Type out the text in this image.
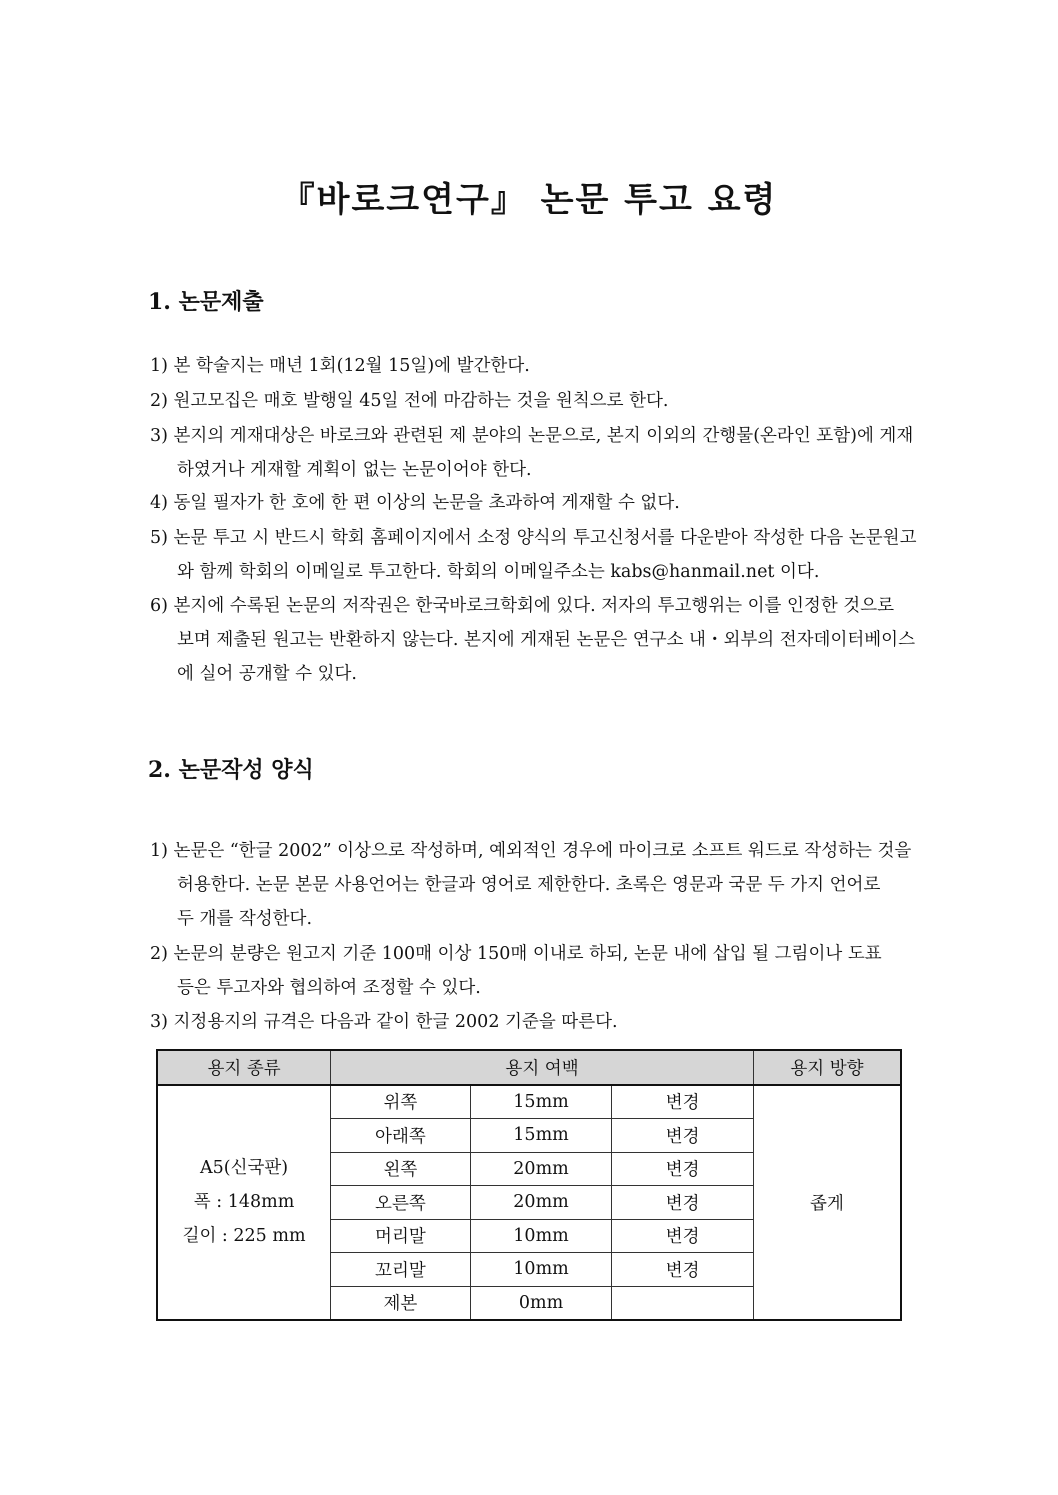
『바로크연구』 논문 투고 요령
1. 논문제출
1) 본 학술지는 매년 1회(12월 15일)에 발간한다.
2) 원고모집은 매호 발행일 45일 전에 마감하는 것을 원칙으로 한다.
3) 본지의 게재대상은 바로크와 관련된 제 분야의 논문으로, 본지 이외의 간행물(온라인 포함)에 게재
하였거나 게재할 계획이 없는 논문이어야 한다.
4) 동일 필자가 한 호에 한 편 이상의 논문을 초과하여 게재할 수 없다.
5) 논문 투고 시 반드시 학회 홈페이지에서 소정 양식의 투고신청서를 다운받아 작성한 다음 논문원고
와 함께 학회의 이메일로 투고한다. 학회의 이메일주소는 kabs@hanmail.net 이다.
6) 본지에 수록된 논문의 저작권은 한국바로크학회에 있다. 저자의 투고행위는 이를 인정한 것으로
보며 제출된 원고는 반환하지 않는다. 본지에 게재된 논문은 연구소 내・외부의 전자데이터베이스
에 실어 공개할 수 있다.
2. 논문작성 양식
1) 논문은 “한글 2002” 이상으로 작성하며, 예외적인 경우에 마이크로 소프트 워드로 작성하는 것을
허용한다. 논문 본문 사용언어는 한글과 영어로 제한한다. 초록은 영문과 국문 두 가지 언어로
두 개를 작성한다.
2) 논문의 분량은 원고지 기준 100매 이상 150매 이내로 하되, 논문 내에 삽입 될 그림이나 도표
등은 투고자와 협의하여 조정할 수 있다.
3) 지정용지의 규격은 다음과 같이 한글 2002 기준을 따른다.
용지 종류	용지 여백			용지 방향

A5(신국판)
폭 : 148mm
길이 : 225 mm	위쪽	15mm	변경	좁게
	아래쪽	15mm	변경	
	왼쪽	20mm	변경	
	오른쪽	20mm	변경	
	머리말	10mm	변경	
	꼬리말	10mm	변경	
	제본	0mm		
